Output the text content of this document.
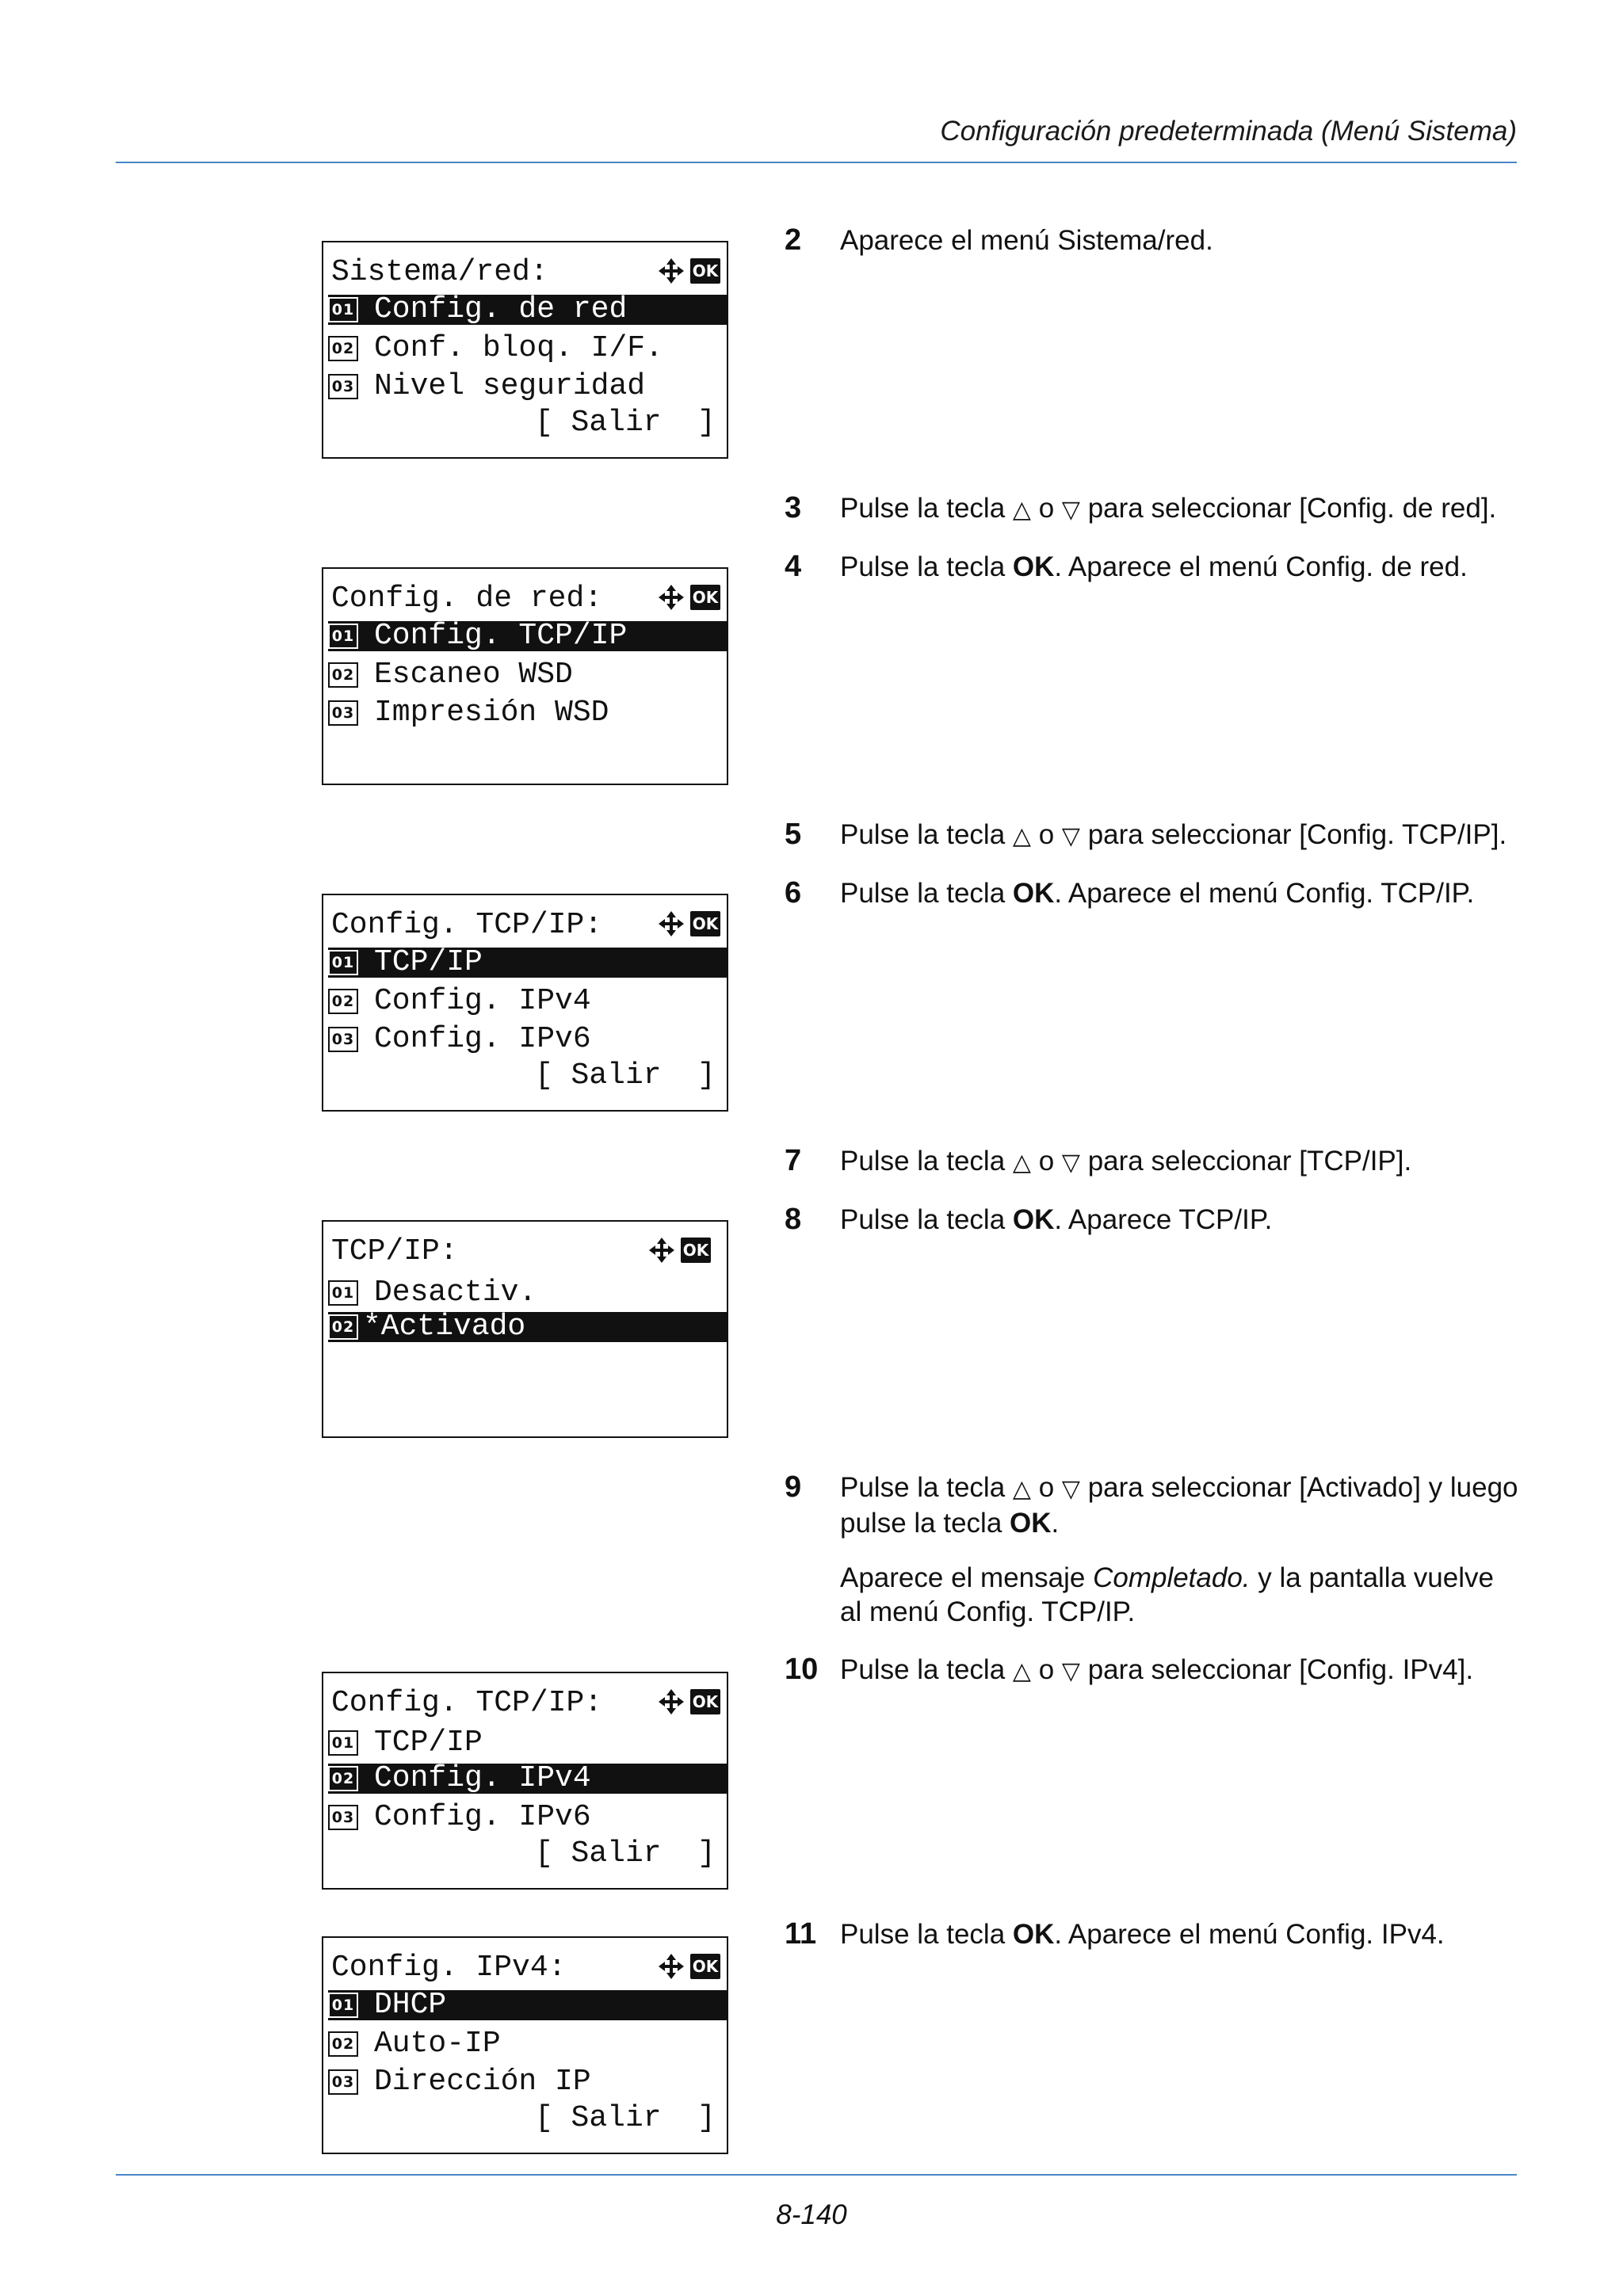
Configuración predeterminada (Menú Sistema)
Sistema/red:	OK
01 Config. de red
02 Conf. bloq. I/F.
03 Nivel seguridad
[ Salir  ]
Config. de red:	OK
01 Config. TCP/IP
02 Escaneo WSD
03 Impresión WSD
Config. TCP/IP:	OK
01 TCP/IP
02 Config. IPv4
03 Config. IPv6
[ Salir  ]
TCP/IP:	OK
01 Desactiv.
02 *Activado
Config. TCP/IP:	OK
01 TCP/IP
02 Config. IPv4
03 Config. IPv6
[ Salir  ]
Config. IPv4:	OK
01 DHCP
02 Auto-IP
03 Dirección IP
[ Salir  ]
2 Aparece el menú Sistema/red.
3 Pulse la tecla △ o ▽ para seleccionar [Config. de red].
4 Pulse la tecla OK. Aparece el menú Config. de red.
5 Pulse la tecla △ o ▽ para seleccionar [Config. TCP/IP].
6 Pulse la tecla OK. Aparece el menú Config. TCP/IP.
7 Pulse la tecla △ o ▽ para seleccionar [TCP/IP].
8 Pulse la tecla OK. Aparece TCP/IP.
9 Pulse la tecla △ o ▽ para seleccionar [Activado] y luego pulse la tecla OK.
Aparece el mensaje Completado. y la pantalla vuelve al menú Config. TCP/IP.
10 Pulse la tecla △ o ▽ para seleccionar [Config. IPv4].
11 Pulse la tecla OK. Aparece el menú Config. IPv4.
8-140
